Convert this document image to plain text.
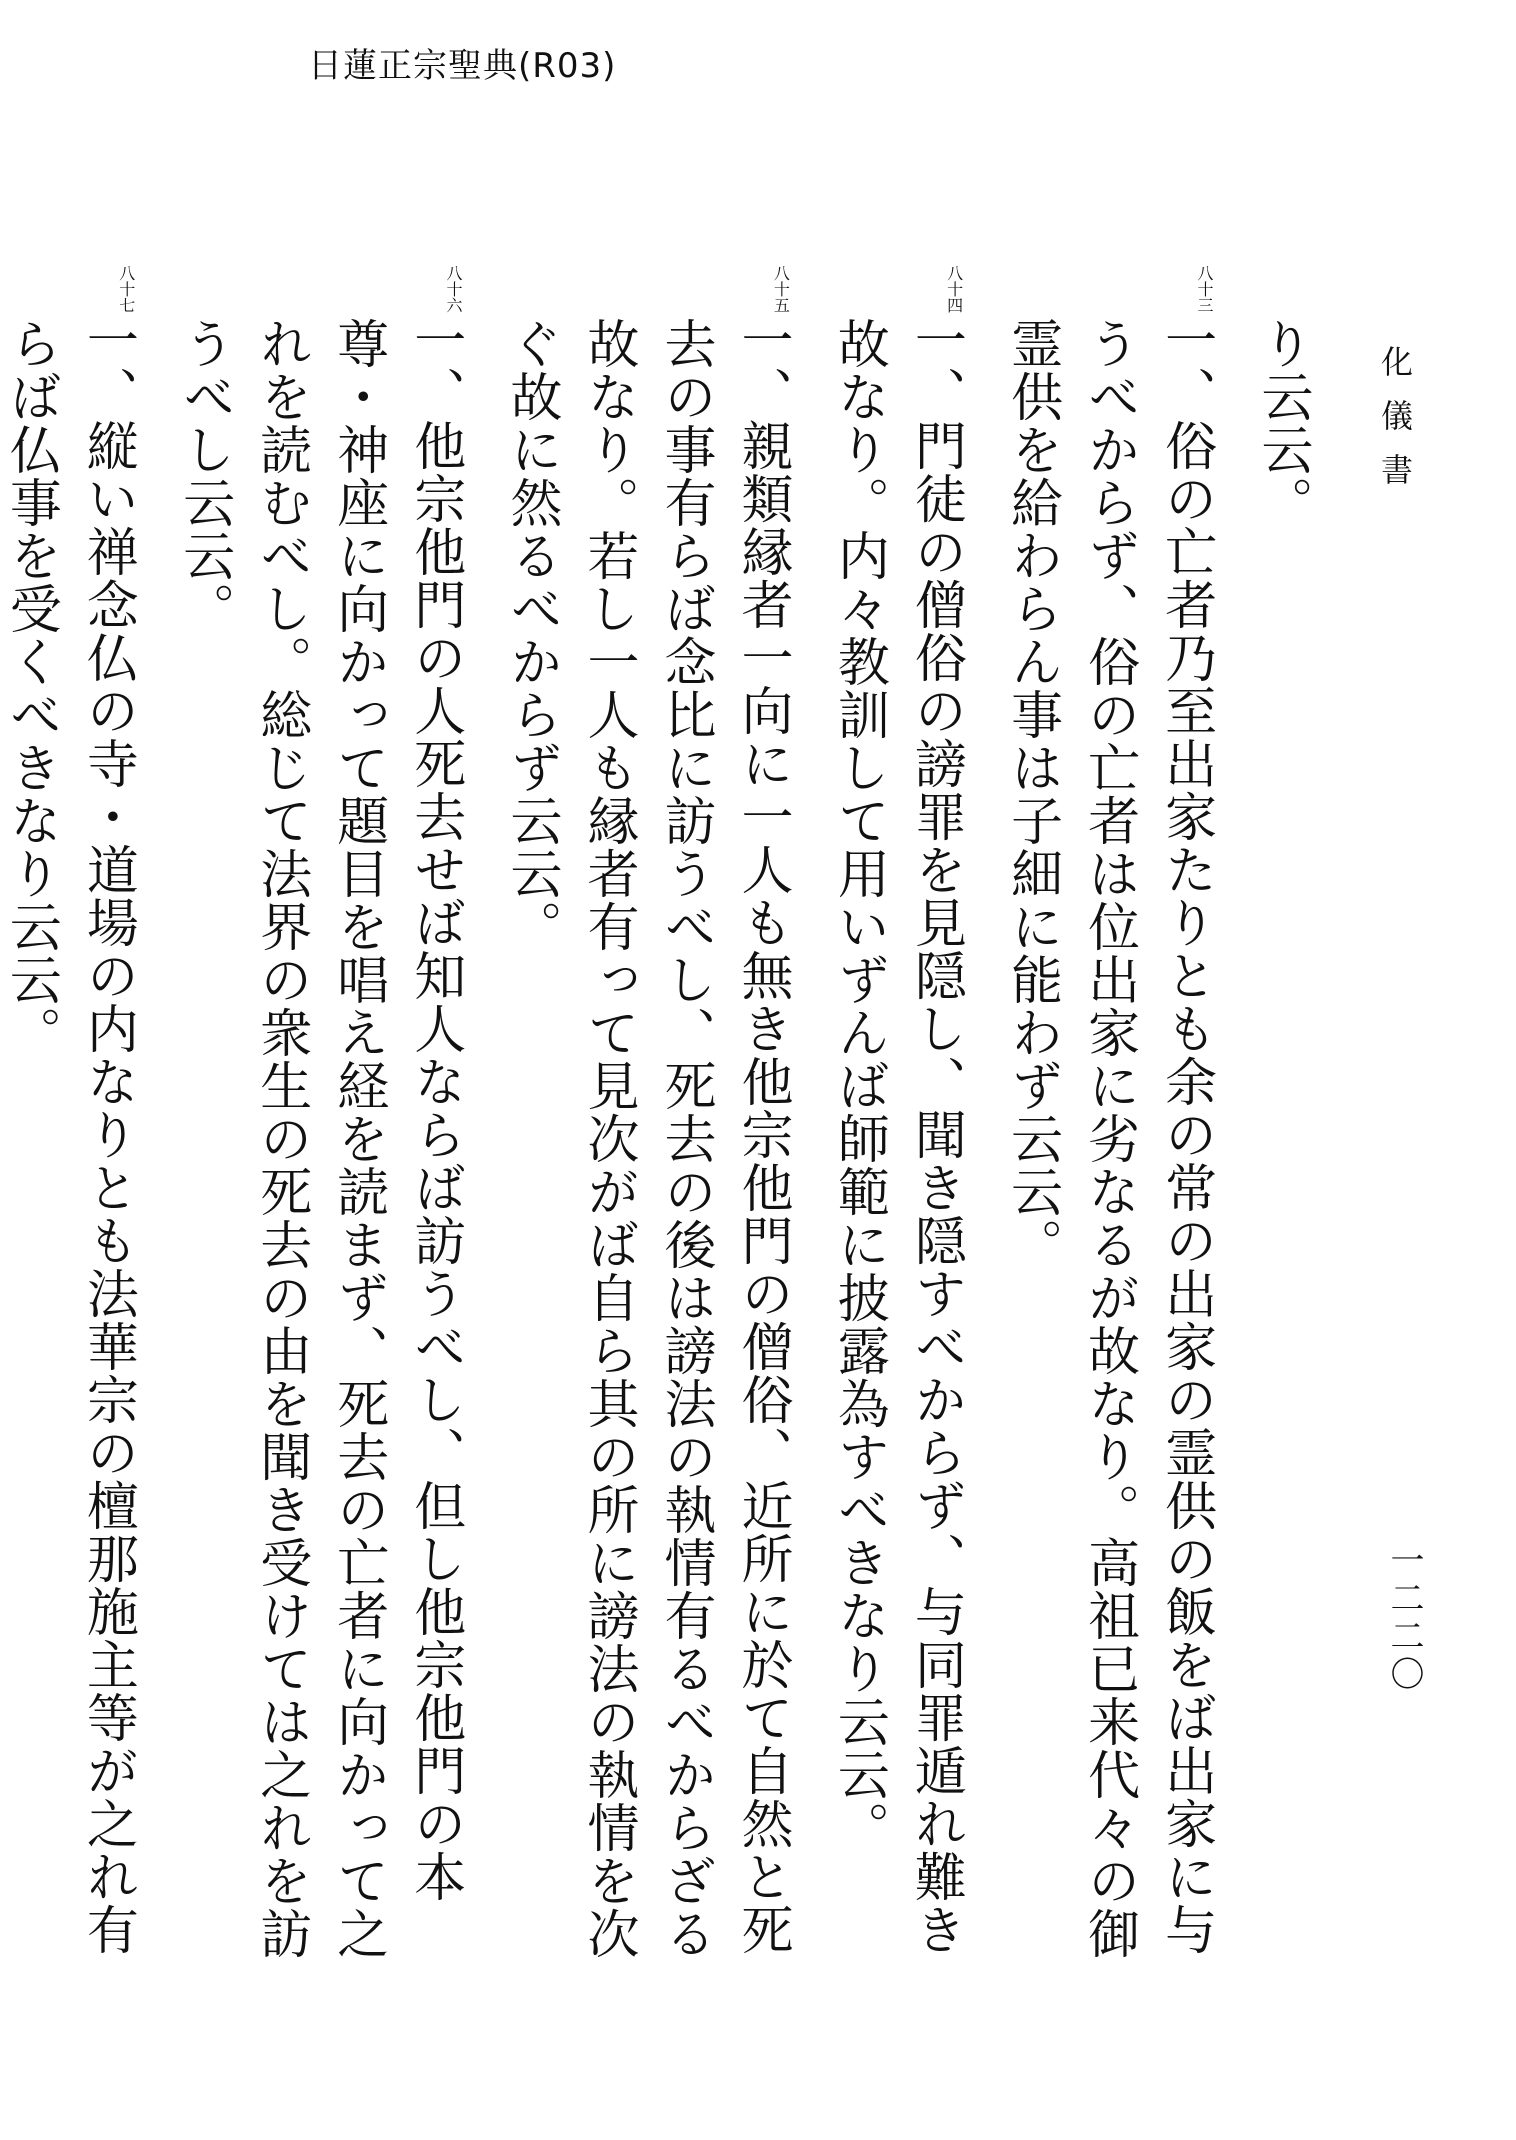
日蓮正宗聖典(R03)
化儀書
一二二〇

り云云。

$^{八十三}$一、俗の亡者乃至出家たりとも余の常の出家の霊供の飯をば出家に与うべからず、俗の亡者は位出家に劣なるが故なり。高祖已来代々の御霊供を給わらん事は子細に能わず云云。

$^{八十四}$一、門徒の僧俗の謗罪を見隠し、聞き隠すべからず、与同罪遁れ難き故なり。内々教訓して用いずんば師範に披露為すべきなり云云。

$^{八十五}$一、親類縁者一向に一人も無き他宗他門の僧俗、近所に於て自然と死去の事有らば念比に訪うべし、死去の後は謗法の執情有るべからざる故なり。若し一人も縁者有って見次がば自ら其の所に謗法の執情を次ぐ故に然るべからず云云。

$^{八十六}$一、他宗他門の人死去せば知人ならば訪うべし、但し他宗他門の本尊・神座に向かって題目を唱え経を読まず、死去の亡者に向かって之れを読むべし。総じて法界の衆生の死去の由を聞き受けては之れを訪うべし云云。

$^{八十七}$一、縦い禅念仏の寺・道場の内なりとも法華宗の檀那施主等が之れ有らば仏事を受くべきなり云云。
